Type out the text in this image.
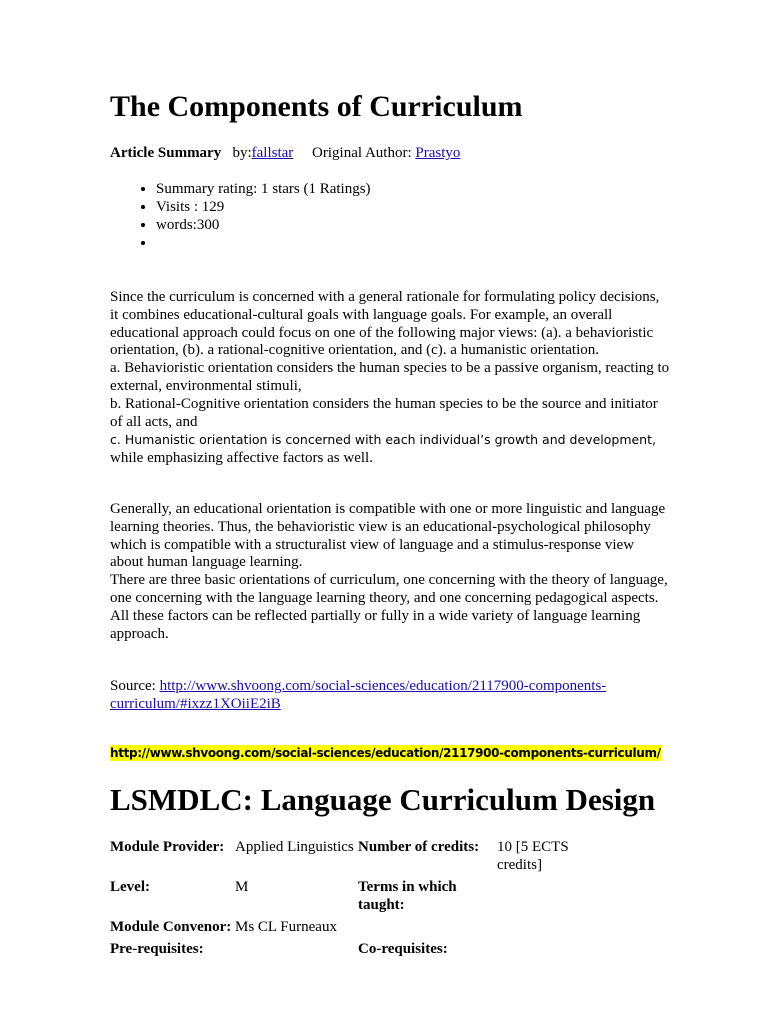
The Components of Curriculum
Article Summary by:fallstar Original Author: Prastyo
• Summary rating: 1 stars (1 Ratings)
• Visits : 129
• words:300
•

Since the curriculum is concerned with a general rationale for formulating policy decisions, it combines educational-cultural goals with language goals. For example, an overall educational approach could focus on one of the following major views: (a). a behavioristic orientation, (b). a rational-cognitive orientation, and (c). a humanistic orientation.
a. Behavioristic orientation considers the human species to be a passive organism, reacting to external, environmental stimuli,
b. Rational-Cognitive orientation considers the human species to be the source and initiator of all acts, and
c. Humanistic orientation is concerned with each individual’s growth and development,
while emphasizing affective factors as well.

Generally, an educational orientation is compatible with one or more linguistic and language learning theories. Thus, the behavioristic view is an educational-psychological philosophy which is compatible with a structuralist view of language and a stimulus-response view about human language learning.
There are three basic orientations of curriculum, one concerning with the theory of language, one concerning with the language learning theory, and one concerning pedagogical aspects. All these factors can be reflected partially or fully in a wide variety of language learning approach.

Source: http://www.shvoong.com/social-sciences/education/2117900-components-curriculum/#ixzz1XOiiE2iB
http://www.shvoong.com/social-sciences/education/2117900-components-curriculum/
LSMDLC: Language Curriculum Design
Module Provider:	Applied Linguistics	Number of credits:	10 [5 ECTS credits]
Level:	M	Terms in which taught:	
Module Convenor:	Ms CL Furneaux		
Pre-requisites:		Co-requisites:	
